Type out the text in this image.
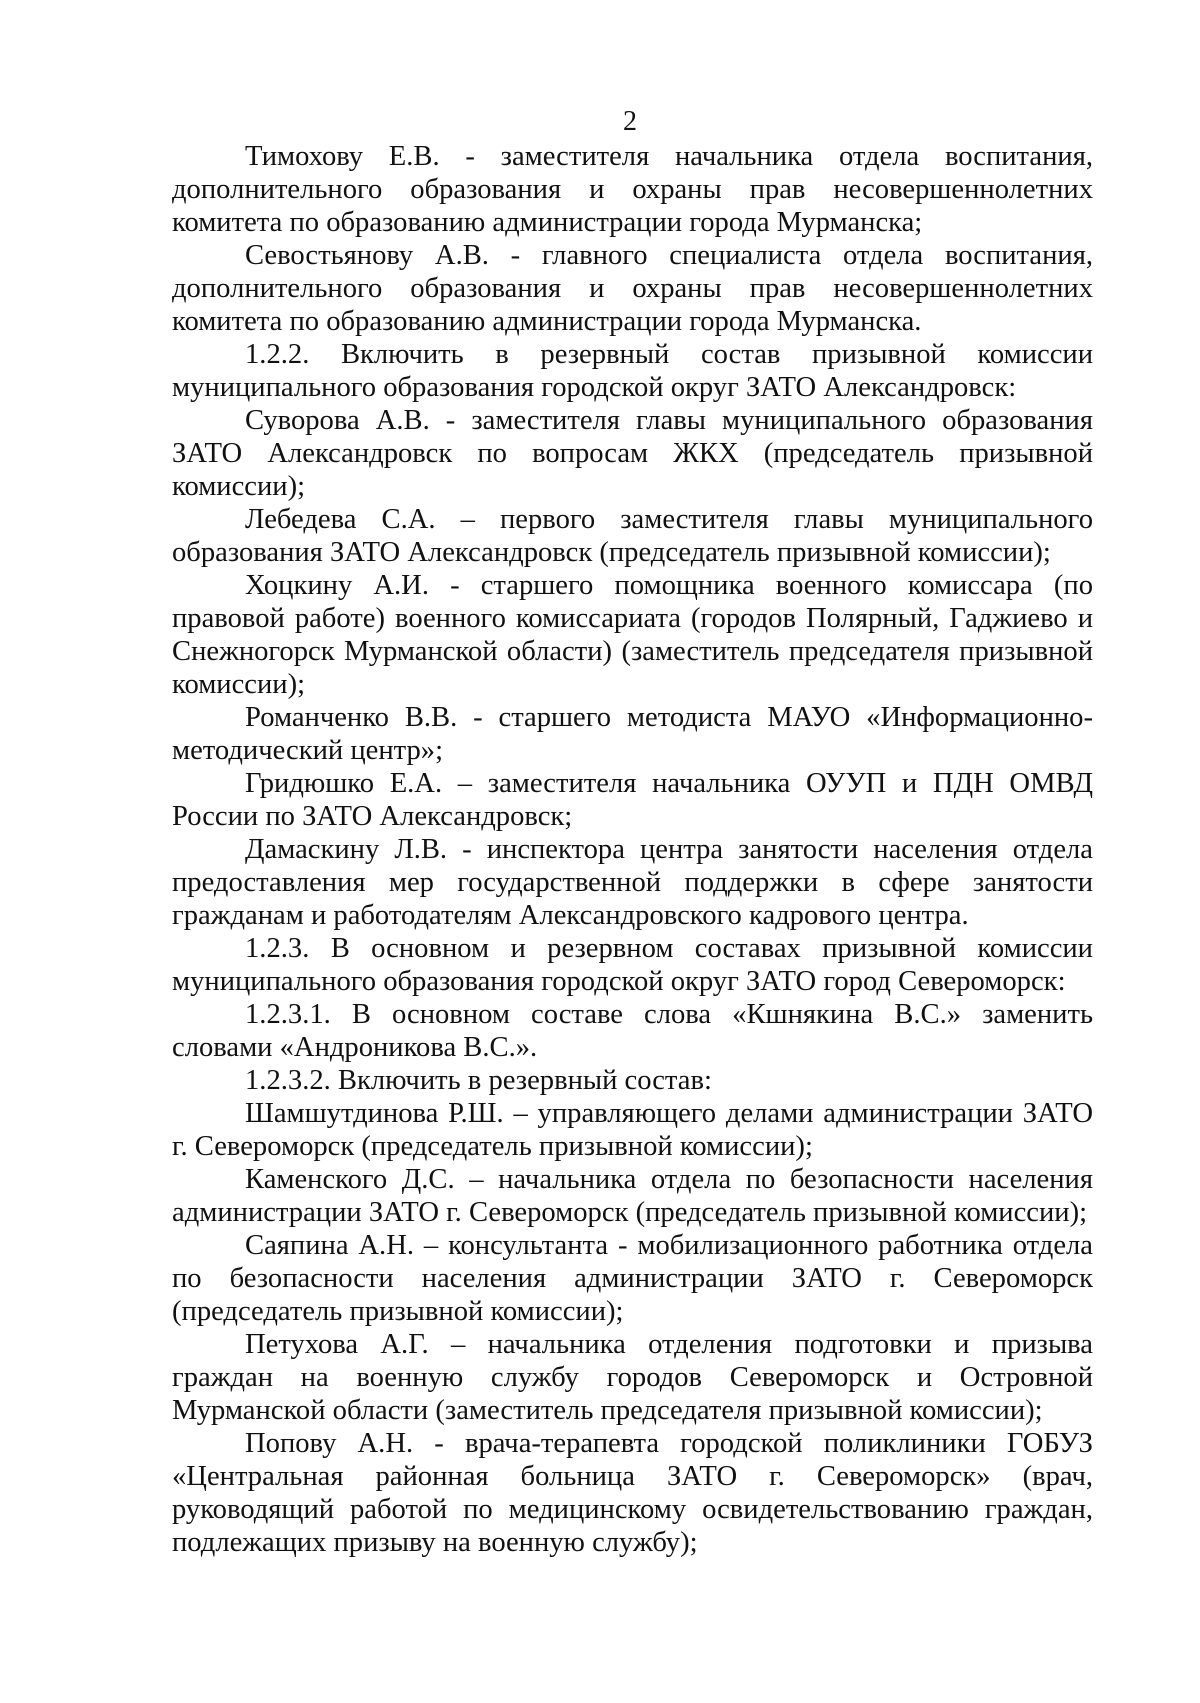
2
Тимохову Е.В. - заместителя начальника отдела воспитания,
дополнительного образования и охраны прав несовершеннолетних
комитета по образованию администрации города Мурманска;
Севостьянову А.В. - главного специалиста отдела воспитания,
дополнительного образования и охраны прав несовершеннолетних
комитета по образованию администрации города Мурманска.
1.2.2. Включить в резервный состав призывной комиссии
муниципального образования городской округ ЗАТО Александровск:
Суворова А.В. - заместителя главы муниципального образования
ЗАТО Александровск по вопросам ЖКХ (председатель призывной
комиссии);
Лебедева С.А. – первого заместителя главы муниципального
образования ЗАТО Александровск (председатель призывной комиссии);
Хоцкину А.И. - старшего помощника военного комиссара (по
правовой работе) военного комиссариата (городов Полярный, Гаджиево и
Снежногорск Мурманской области) (заместитель председателя призывной
комиссии);
Романченко В.В. - старшего методиста МАУО «Информационно-
методический центр»;
Гридюшко Е.А. – заместителя начальника ОУУП и ПДН ОМВД
России по ЗАТО Александровск;
Дамаскину Л.В. - инспектора центра занятости населения отдела
предоставления мер государственной поддержки в сфере занятости
гражданам и работодателям Александровского кадрового центра.
1.2.3. В основном и резервном составах призывной комиссии
муниципального образования городской округ ЗАТО город Североморск:
1.2.3.1. В основном составе слова «Кшнякина В.С.» заменить
словами «Андроникова В.С.».
1.2.3.2. Включить в резервный состав:
Шамшутдинова Р.Ш. – управляющего делами администрации ЗАТО
г. Североморск (председатель призывной комиссии);
Каменского Д.С. – начальника отдела по безопасности населения
администрации ЗАТО г. Североморск (председатель призывной комиссии);
Саяпина А.Н. – консультанта - мобилизационного работника отдела
по безопасности населения администрации ЗАТО г. Североморск
(председатель призывной комиссии);
Петухова А.Г. – начальника отделения подготовки и призыва
граждан на военную службу городов Североморск и Островной
Мурманской области (заместитель председателя призывной комиссии);
Попову А.Н. - врача-терапевта городской поликлиники ГОБУЗ
«Центральная районная больница ЗАТО г. Североморск» (врач,
руководящий работой по медицинскому освидетельствованию граждан,
подлежащих призыву на военную службу);
